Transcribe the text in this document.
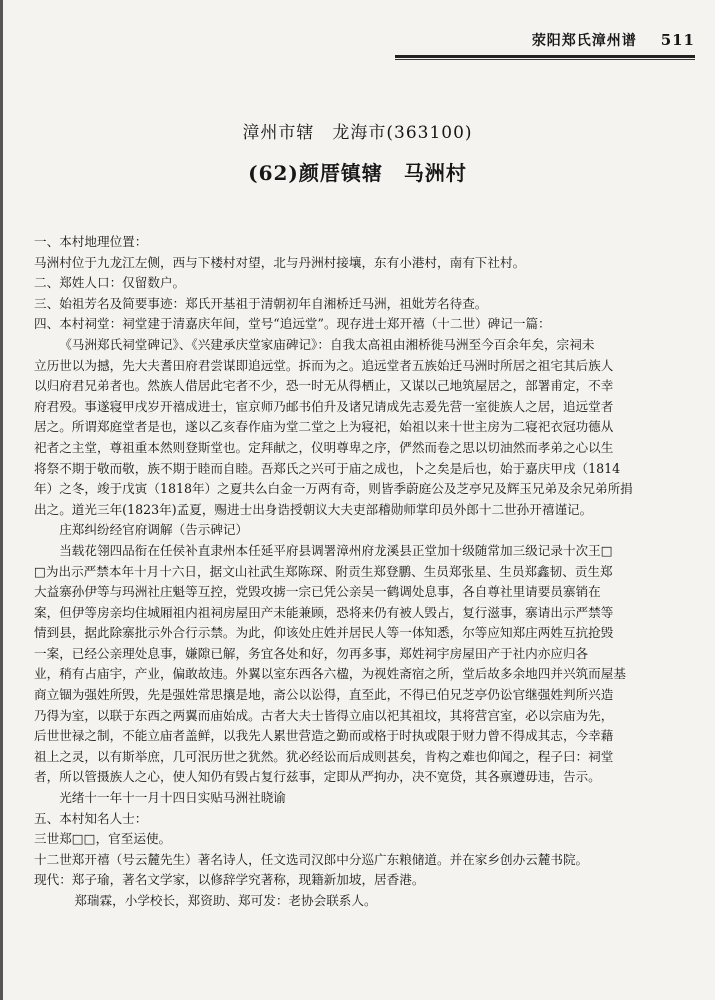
荥阳郑氏漳州谱 511
漳州市辖　龙海市(363100)
(62)颜厝镇辖　马洲村

一、本村地理位置：

马洲村位于九龙江左侧，西与下楼村对望，北与丹洲村接壤，东有小港村，南有下社村。

二、郑姓人口：仅留数户。

三、始祖芳名及简要事迹：郑氏开基祖于清朝初年自湘桥迁马洲，祖妣芳名待查。

四、本村祠堂：祠堂建于清嘉庆年间，堂号“追远堂”。现存进士郑开禧（十二世）碑记一篇：

《马洲郑氏祠堂碑记》、《兴建承庆堂家庙碑记》：自我太高祖由湘桥徙马洲至今百余年矣，宗祠未

立历世以为撼，先大夫耆田府君尝谋即追远堂。拆而为之。追远堂者五族始迁马洲时所居之祖宅其后族人

以归府君兄弟者也。然族人借居此宅者不少，恐一时无从得栖止，又谋以己地筑屋居之，部署甫定，不幸

府君殁。事遂寝甲戌岁开禧成进士，宦京师乃邮书伯升及诸兄请成先志爰先营一室徙族人之居，追远堂者

居之。所谓郑庭堂者是也，遂以乙亥春作庙为堂二堂之上为寝祀，始祖以来十世主房为二寝祀衣冠功德从

祀者之主堂，尊祖重本然则登斯堂也。定拜献之，仪明尊卑之序，俨然而卷之思以切油然而孝弟之心以生

将祭不期于敬而敬，族不期于睦而自睦。吾郑氏之兴可于庙之成也，卜之矣是后也，始于嘉庆甲戌（1814

年）之冬，竣于戊寅（1818年）之夏共么白金一万两有奇，则皆季蔚庭公及芝亭兄及辉玉兄弟及余兄弟所捐

出之。道光三年(1823年)孟夏，赐进士出身诰授朝议大夫吏部稽勋师掌印员外郎十二世孙开禧谨记。

庄郑纠纷经官府调解（告示碑记）

当载花翎四品衔在任侯补直隶州本任延平府县调署漳州府龙溪县正堂加十级随常加三级记录十次王□

□为出示严禁本年十月十六日，据文山社武生郑陈琛、附贡生郑登鹏、生员郑张星、生员郑鑫韧、贡生郑

大益寨孙伊等与玛洲社庄魁等互控，党毁攻掳一宗已凭公亲吴一鹤调处息事，各自尊社里请要员寨销在

案，但伊等房亲均住城厢祖内祖祠房屋田产未能兼顾，恐将来仍有被人毁占，复行滋事，寨请出示严禁等

情到县，据此除寨批示外合行示禁。为此，仰该处庄姓并居民人等一体知悉，尔等应知郑庄两姓互抗抢毁

一案，已经公亲理处息事，嫌隙已解，务宜各处和好，勿再多事，郑姓祠宇房屋田产于社内亦应归各

业，稍有占庙宇，产业，偏敢故违。外翼以室东西各六楹，为视姓斋宿之所，堂后故多余地四并兴筑而屋基

商立锢为强姓所毁，先是强姓常思攘是地，斋公以讼得，直至此，不得已伯兄芝亭仍讼官继强姓判所兴造

乃得为室，以联于东西之两翼而庙始成。古者大夫士皆得立庙以祀其祖坟，其将营宫室，必以宗庙为先，

后世世禄之制，不能立庙者盖鲜，以我先人累世营造之勤而或格于时执或限于财力曾不得成其志，今幸藉

祖上之灵，以有斯举庶，几可泯历世之犹然。犹必经讼而后成则甚矣，肯构之难也仰闻之，程子曰：祠堂

者，所以管摄族人之心，使人知仍有毁占复行兹事，定即从严拘办，决不宽贷，其各禀遵毋违，告示。

光绪十一年十一月十四日实贴马洲社晓谕

五、本村知名人士：

三世郑□□，官至运使。

十二世郑开禧（号云麓先生）著名诗人，任文选司汉郎中分巡广东粮储道。并在家乡创办云麓书院。

现代：郑子瑜，著名文学家，以修辞学究著称，现籍新加坡，居香港。

郑瑞霖，小学校长，郑资助、郑可发：老协会联系人。
